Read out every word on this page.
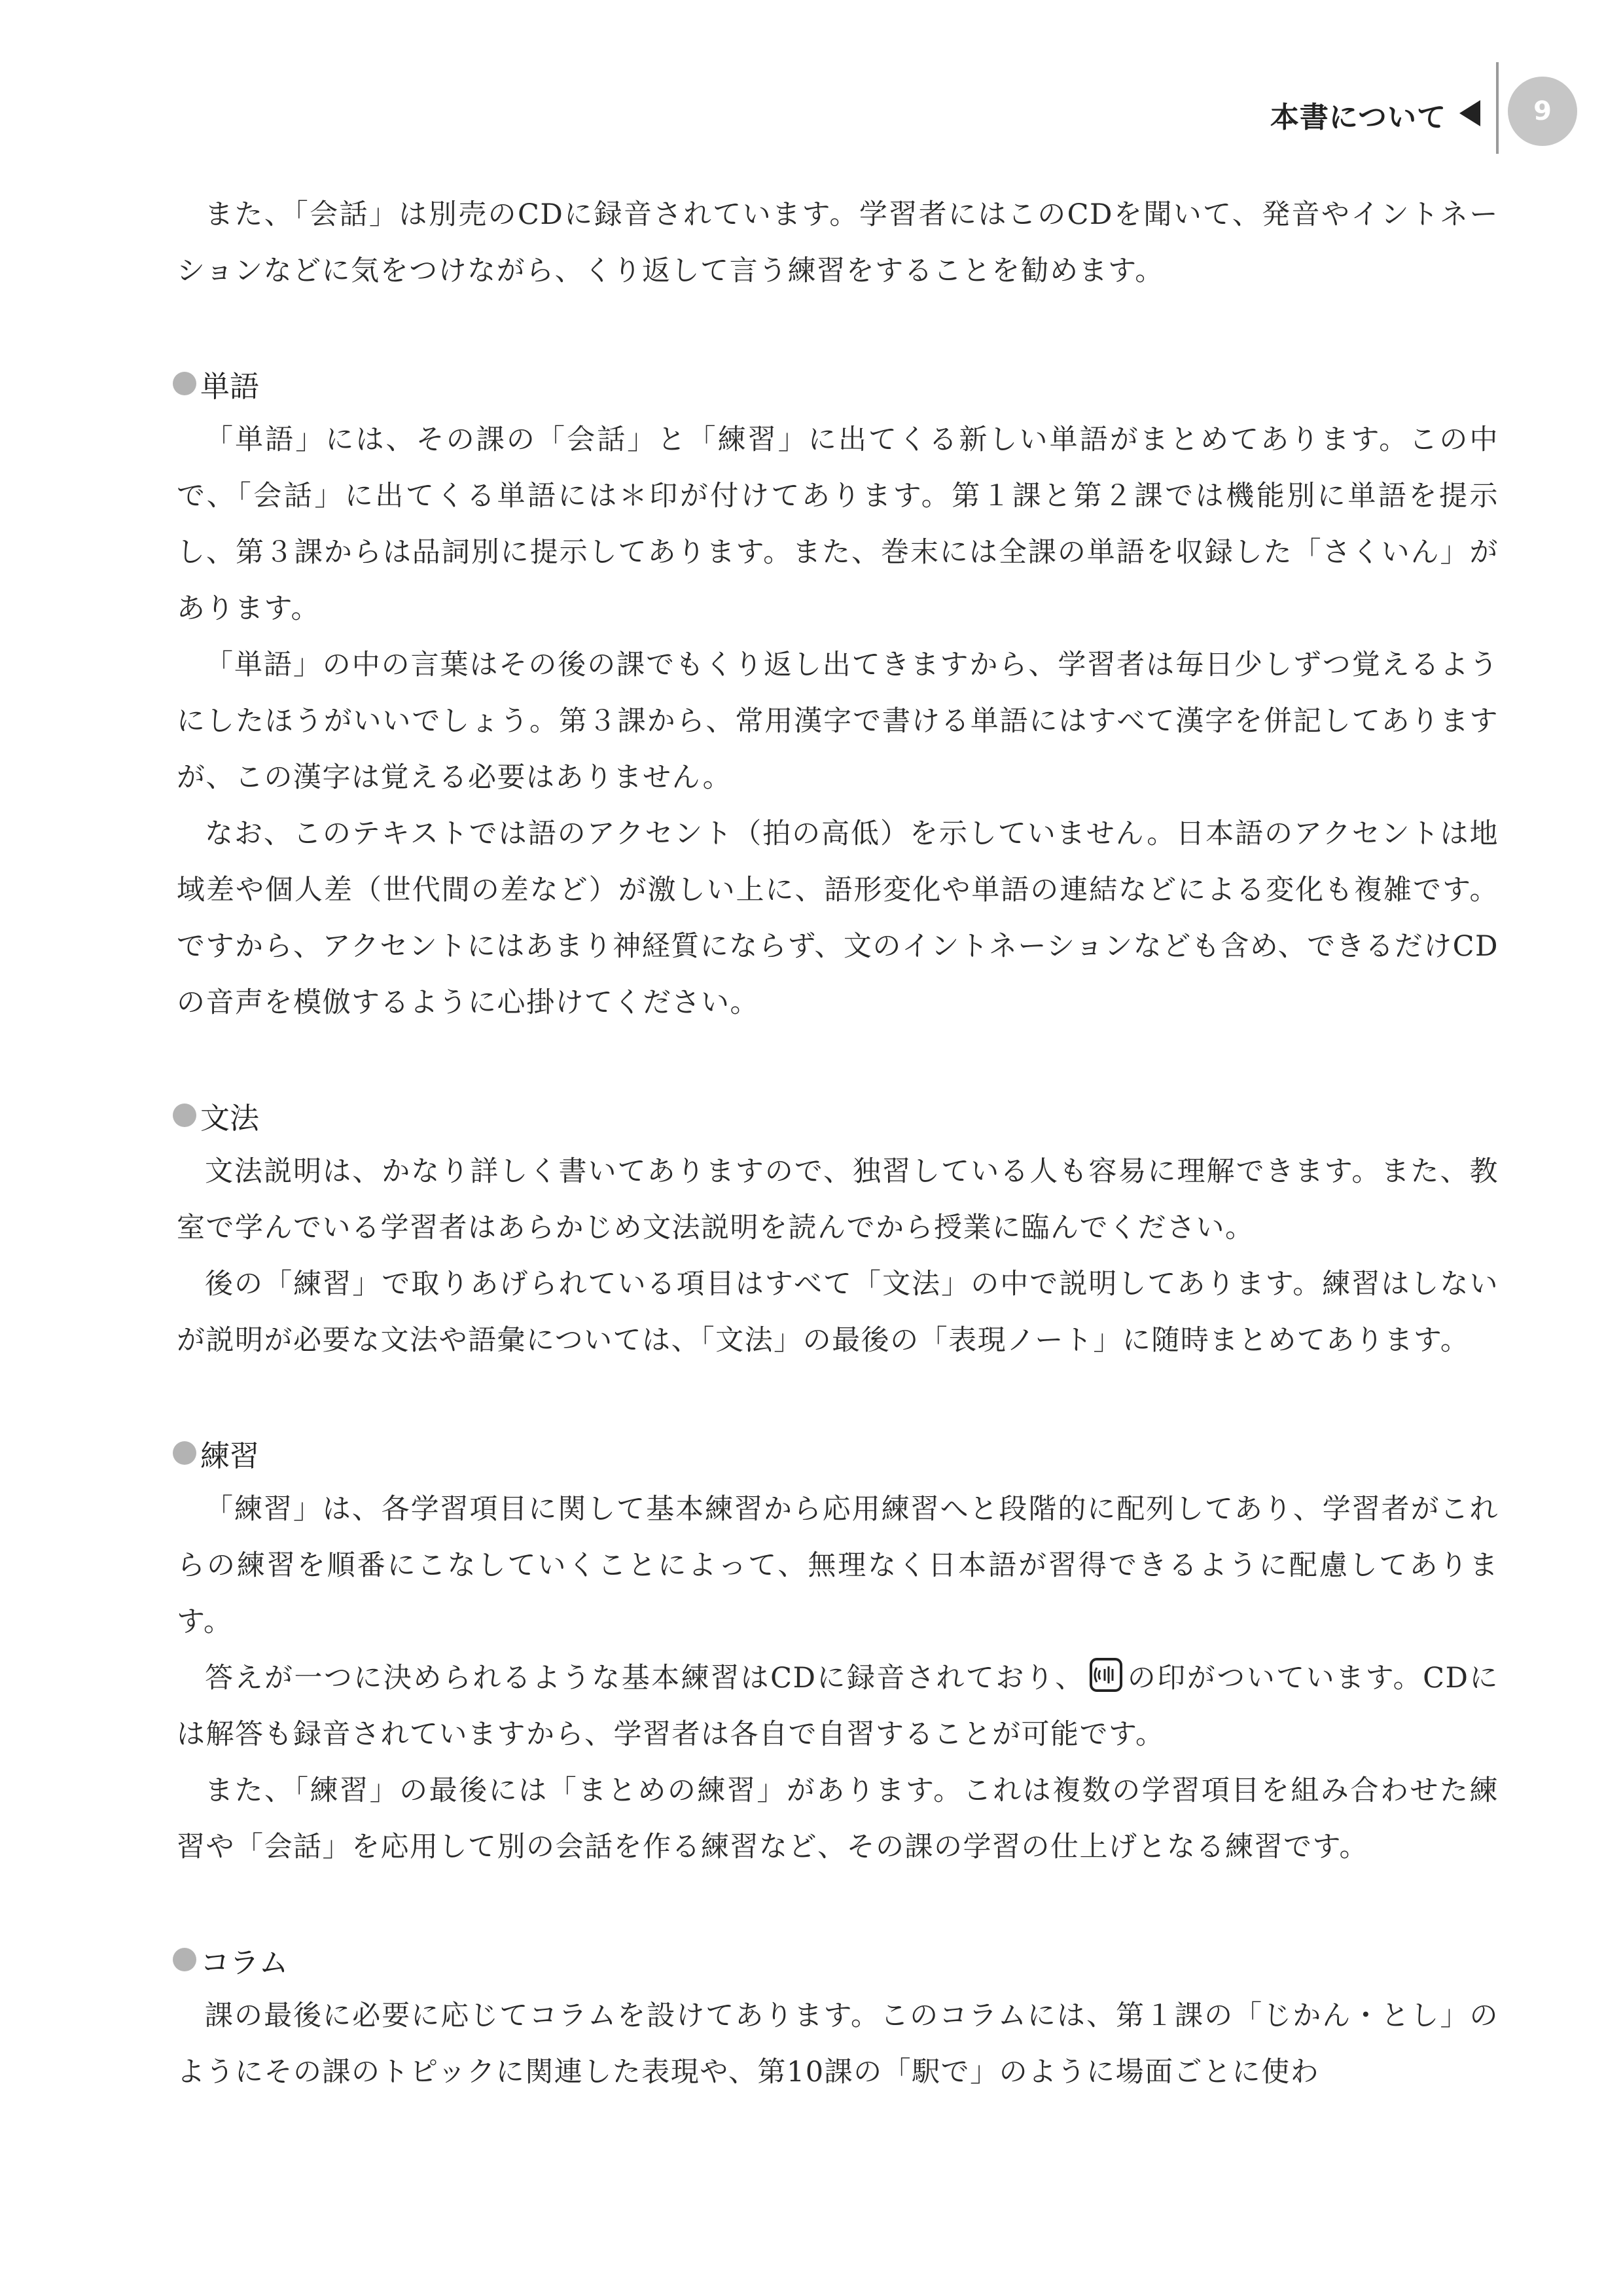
本書について	9

また、「会話」は別売のCDに録音されています。学習者にはこのCDを聞いて、発音やイントネーションなどに気をつけながら、くり返して言う練習をすることを勧めます。

単語

「単語」には、その課の「会話」と「練習」に出てくる新しい単語がまとめてあります。この中で、「会話」に出てくる単語には＊印が付けてあります。第１課と第２課では機能別に単語を提示し、第３課からは品詞別に提示してあります。また、巻末には全課の単語を収録した「さくいん」があります。

「単語」の中の言葉はその後の課でもくり返し出てきますから、学習者は毎日少しずつ覚えるようにしたほうがいいでしょう。第３課から、常用漢字で書ける単語にはすべて漢字を併記してありますが、この漢字は覚える必要はありません。

なお、このテキストでは語のアクセント（拍の高低）を示していません。日本語のアクセントは地域差や個人差（世代間の差など）が激しい上に、語形変化や単語の連結などによる変化も複雑です。ですから、アクセントにはあまり神経質にならず、文のイントネーションなども含め、できるだけCDの音声を模倣するように心掛けてください。

文法

文法説明は、かなり詳しく書いてありますので、独習している人も容易に理解できます。また、教室で学んでいる学習者はあらかじめ文法説明を読んでから授業に臨んでください。

後の「練習」で取りあげられている項目はすべて「文法」の中で説明してあります。練習はしないが説明が必要な文法や語彙については、「文法」の最後の「表現ノート」に随時まとめてあります。

練習

「練習」は、各学習項目に関して基本練習から応用練習へと段階的に配列してあり、学習者がこれらの練習を順番にこなしていくことによって、無理なく日本語が習得できるように配慮してあります。

答えが一つに決められるような基本練習はCDに録音されており、 の印がついています。CDには解答も録音されていますから、学習者は各自で自習することが可能です。

また、「練習」の最後には「まとめの練習」があります。これは複数の学習項目を組み合わせた練習や「会話」を応用して別の会話を作る練習など、その課の学習の仕上げとなる練習です。

コラム

課の最後に必要に応じてコラムを設けてあります。このコラムには、第１課の「じかん・とし」のようにその課のトピックに関連した表現や、第10課の「駅で」のように場面ごとに使わ
